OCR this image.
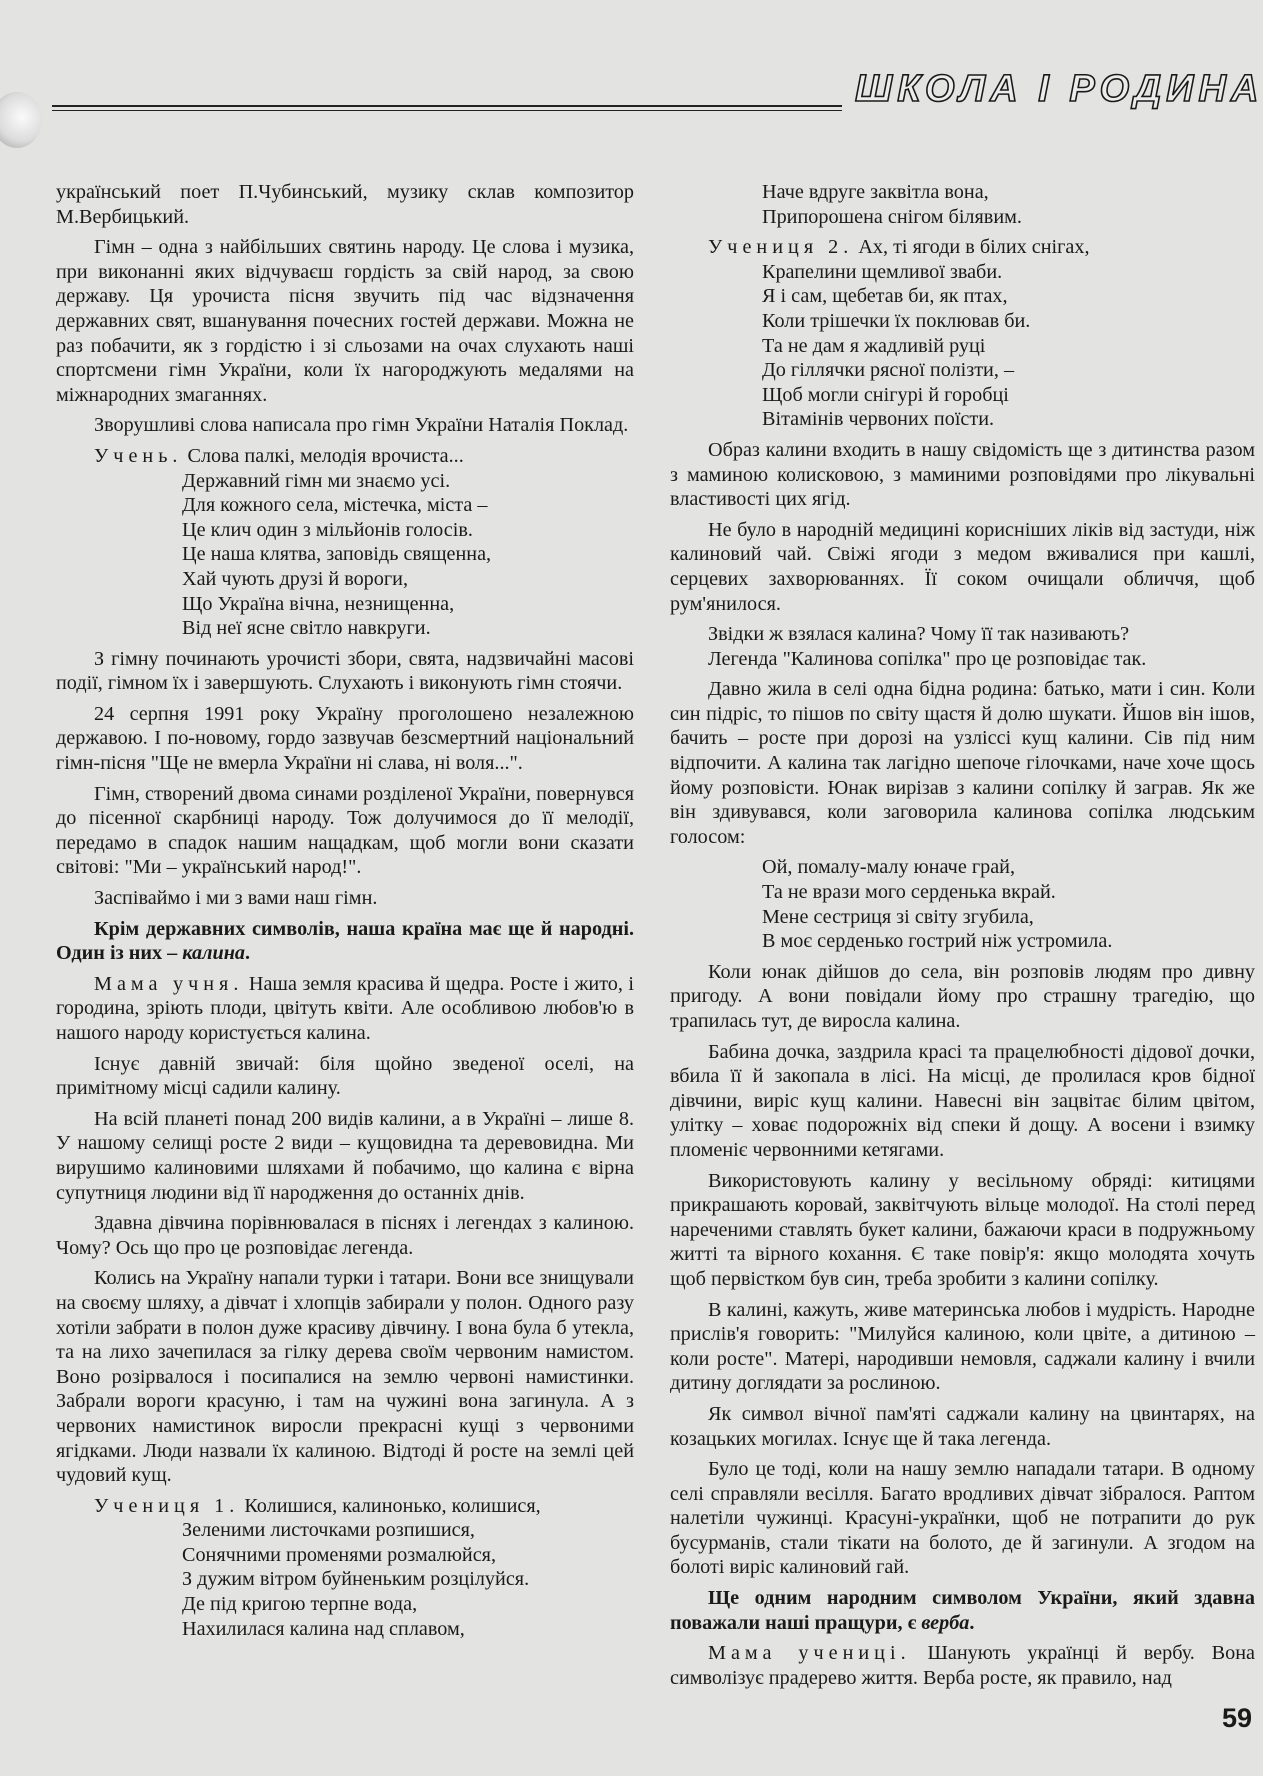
ШКОЛА І РОДИНА

український поет П.Чубинський, музику склав композитор М.Вербицький.

Гімн – одна з найбільших святинь народу. Це слова і музика, при виконанні яких відчуваєш гордість за свій народ, за свою державу. Ця урочиста пісня звучить під час відзначення державних свят, вшанування почесних гостей держави. Можна не раз побачити, як з гордістю і зі сльозами на очах слухають наші спортсмени гімн України, коли їх нагороджують медалями на міжнародних змаганнях.

Зворушливі слова написала про гімн України Наталія Поклад.

Учень. Слова палкі, мелодія врочиста...
Державний гімн ми знаємо усі.
Для кожного села, містечка, міста –
Це клич один з мільйонів голосів.
Це наша клятва, заповідь священна,
Хай чують друзі й вороги,
Що Україна вічна, незнищенна,
Від неї ясне світло навкруги.

З гімну починають урочисті збори, свята, надзвичайні масові події, гімном їх і завершують. Слухають і виконують гімн стоячи.

24 серпня 1991 року Україну проголошено незалежною державою. І по-новому, гордо зазвучав безсмертний національний гімн-пісня "Ще не вмерла України ні слава, ні воля...".

Гімн, створений двома синами розділеної України, повернувся до пісенної скарбниці народу. Тож долучимося до її мелодії, передамо в спадок нашим нащадкам, щоб могли вони сказати світові: "Ми – український народ!".

Заспіваймо і ми з вами наш гімн.

Крім державних символів, наша країна має ще й народні. Один із них – калина.

Мама учня. Наша земля красива й щедра. Росте і жито, і городина, зріють плоди, цвітуть квіти. Але особливою любов'ю в нашого народу користується калина.

Існує давній звичай: біля щойно зведеної оселі, на примітному місці садили калину.

На всій планеті понад 200 видів калини, а в Україні – лише 8. У нашому селищі росте 2 види – кущовидна та деревовидна. Ми вирушимо калиновими шляхами й побачимо, що калина є вірна супутниця людини від її народження до останніх днів.

Здавна дівчина порівнювалася в піснях і легендах з калиною. Чому? Ось що про це розповідає легенда.

Колись на Україну напали турки і татари. Вони все знищували на своєму шляху, а дівчат і хлопців забирали у полон. Одного разу хотіли забрати в полон дуже красиву дівчину. І вона була б утекла, та на лихо зачепилася за гілку дерева своїм червоним намистом. Воно розірвалося і посипалися на землю червоні намистинки. Забрали вороги красуню, і там на чужині вона загинула. А з червоних намистинок виросли прекрасні кущі з червоними ягідками. Люди назвали їх калиною. Відтоді й росте на землі цей чудовий кущ.

Учениця 1. Колишися, калинонько, колишися,
Зеленими листочками розпишися,
Сонячними променями розмалюйся,
З дужим вітром буйненьким розцілуйся.
Де під кригою терпне вода,
Нахилилася калина над сплавом,
Наче вдруге заквітла вона,
Припорошена снігом білявим.
Учениця 2. Ах, ті ягоди в білих снігах,
Крапелини щемливої зваби.
Я і сам, щебетав би, як птах,
Коли трішечки їх поклював би.
Та не дам я жадливій руці
До гіллячки рясної полізти, –
Щоб могли снігурі й горобці
Вітамінів червоних поїсти.

Образ калини входить в нашу свідомість ще з дитинства разом з маминою колисковою, з маминими розповідями про лікувальні властивості цих ягід.

Не було в народній медицині корисніших ліків від застуди, ніж калиновий чай. Свіжі ягоди з медом вживалися при кашлі, серцевих захворюваннях. Її соком очищали обличчя, щоб рум'янилося.

Звідки ж взялася калина? Чому її так називають?

Легенда "Калинова сопілка" про це розповідає так.

Давно жила в селі одна бідна родина: батько, мати і син. Коли син підріс, то пішов по світу щастя й долю шукати. Йшов він ішов, бачить – росте при дорозі на узліссі кущ калини. Сів під ним відпочити. А калина так лагідно шепоче гілочками, наче хоче щось йому розповісти. Юнак вирізав з калини сопілку й заграв. Як же він здивувався, коли заговорила калинова сопілка людським голосом:

Ой, помалу-малу юначе грай,
Та не врази мого серденька вкрай.
Мене сестриця зі світу згубила,
В моє серденько гострий ніж устромила.

Коли юнак дійшов до села, він розповів людям про дивну пригоду. А вони повідали йому про страшну трагедію, що трапилась тут, де виросла калина.

Бабина дочка, заздрила красі та працелюбності дідової дочки, вбила її й закопала в лісі. На місці, де пролилася кров бідної дівчини, виріс кущ калини. Навесні він зацвітає білим цвітом, улітку – ховає подорожніх від спеки й дощу. А восени і взимку пломеніє червонними кетягами.

Використовують калину у весільному обряді: китицями прикрашають коровай, заквітчують вільце молодої. На столі перед нареченими ставлять букет калини, бажаючи краси в подружньому житті та вірного кохання. Є таке повір'я: якщо молодята хочуть щоб первістком був син, треба зробити з калини сопілку.

В калині, кажуть, живе материнська любов і мудрість. Народне прислів'я говорить: "Милуйся калиною, коли цвіте, а дитиною – коли росте". Матері, народивши немовля, саджали калину і вчили дитину доглядати за рослиною.

Як символ вічної пам'яті саджали калину на цвинтарях, на козацьких могилах. Існує ще й така легенда.

Було це тоді, коли на нашу землю нападали татари. В одному селі справляли весілля. Багато вродливих дівчат зібралося. Раптом налетіли чужинці. Красуні-українки, щоб не потрапити до рук бусурманів, стали тікати на болото, де й загинули. А згодом на болоті виріс калиновий гай.

Ще одним народним символом України, який здавна поважали наші пращури, є верба.

Мама учениці. Шанують українці й вербу. Вона символізує прадерево життя. Верба росте, як правило, над

59
